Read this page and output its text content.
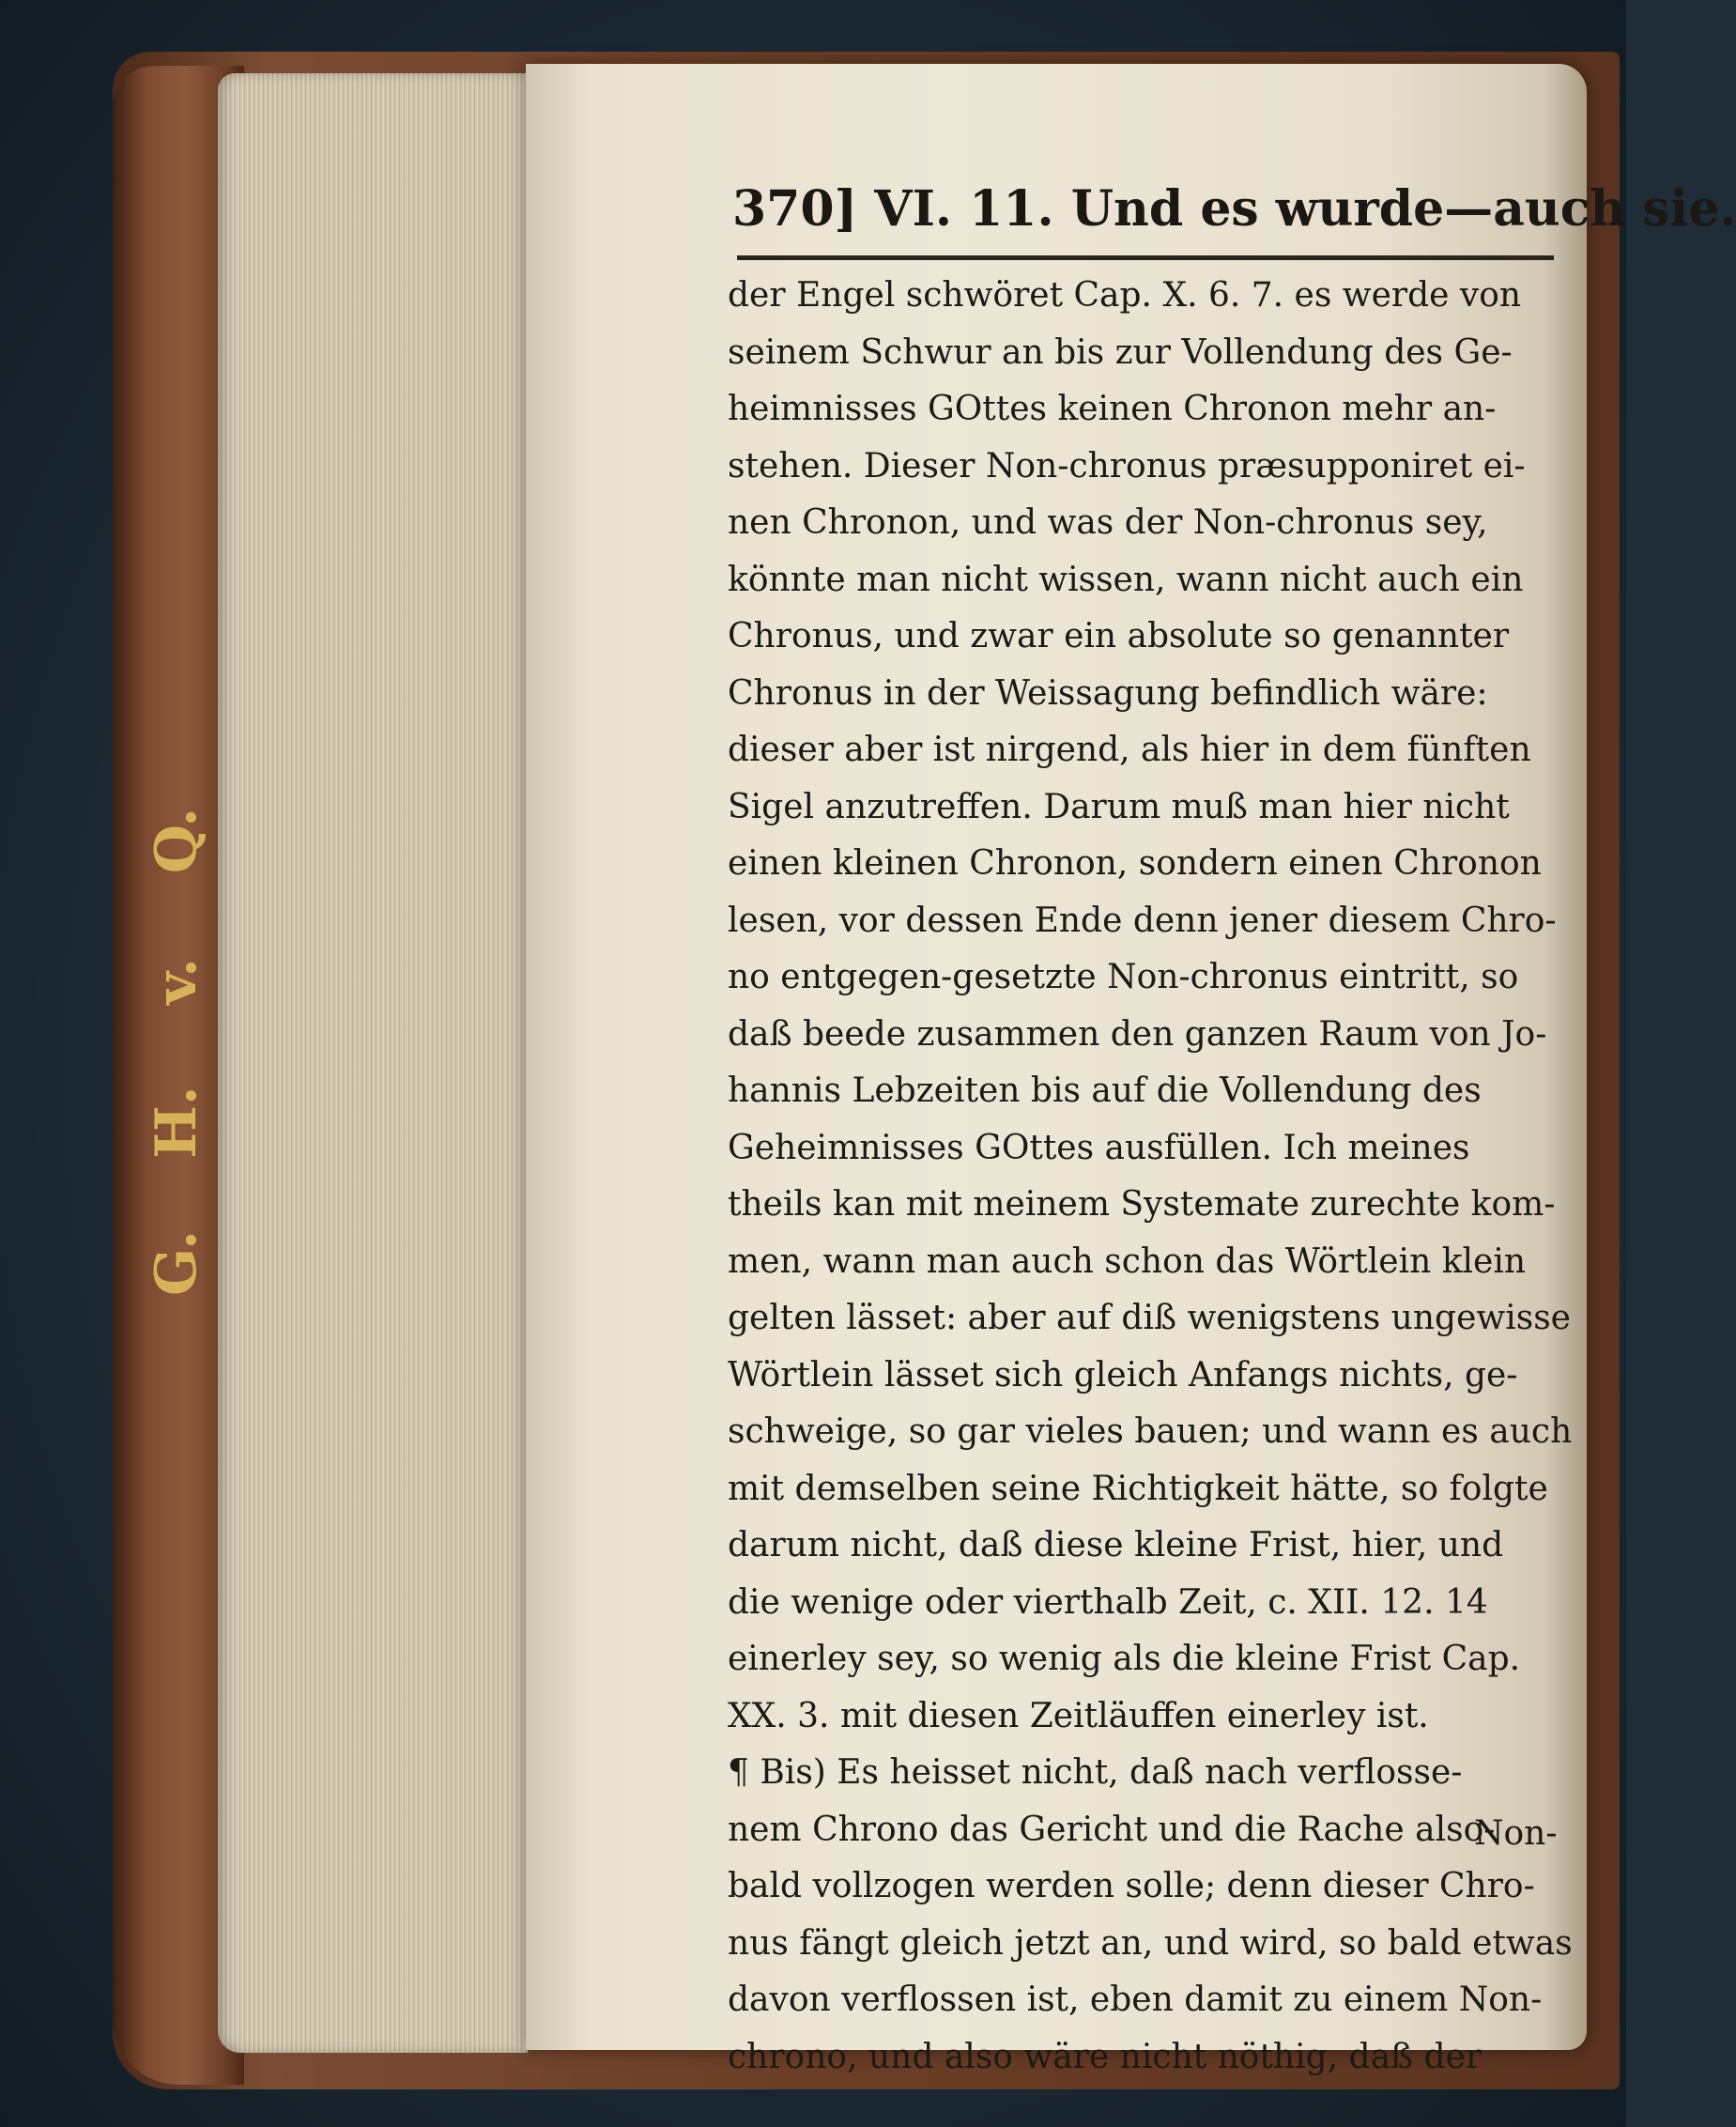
G.
H.
v.
Q.
370] VI. 11. Und es wurde—auch sie.
der Engel schwöret Cap. X. 6. 7. es werde von
seinem Schwur an bis zur Vollendung des Ge-
heimnisses GOttes keinen Chronon mehr an-
stehen. Dieser Non-chronus præsupponiret ei-
nen Chronon, und was der Non-chronus sey,
könnte man nicht wissen, wann nicht auch ein
Chronus, und zwar ein absolute so genannter
Chronus in der Weissagung befindlich wäre:
dieser aber ist nirgend, als hier in dem fünften
Sigel anzutreffen. Darum muß man hier nicht
einen kleinen Chronon, sondern einen Chronon
lesen, vor dessen Ende denn jener diesem Chro-
no entgegen-gesetzte Non-chronus eintritt, so
daß beede zusammen den ganzen Raum von Jo-
hannis Lebzeiten bis auf die Vollendung des
Geheimnisses GOttes ausfüllen. Ich meines
theils kan mit meinem Systemate zurechte kom-
men, wann man auch schon das Wörtlein klein
gelten lässet: aber auf diß wenigstens ungewisse
Wörtlein lässet sich gleich Anfangs nichts, ge-
schweige, so gar vieles bauen; und wann es auch
mit demselben seine Richtigkeit hätte, so folgte
darum nicht, daß diese kleine Frist, hier, und
die wenige oder vierthalb Zeit, c. XII. 12. 14
einerley sey, so wenig als die kleine Frist Cap.
XX. 3. mit diesen Zeitläuffen einerley ist.
¶ Bis) Es heisset nicht, daß nach verflosse-
nem Chrono das Gericht und die Rache also-
bald vollzogen werden solle; denn dieser Chro-
nus fängt gleich jetzt an, und wird, so bald etwas
davon verflossen ist, eben damit zu einem Non-
chrono, und also wäre nicht nöthig, daß der
Non-
